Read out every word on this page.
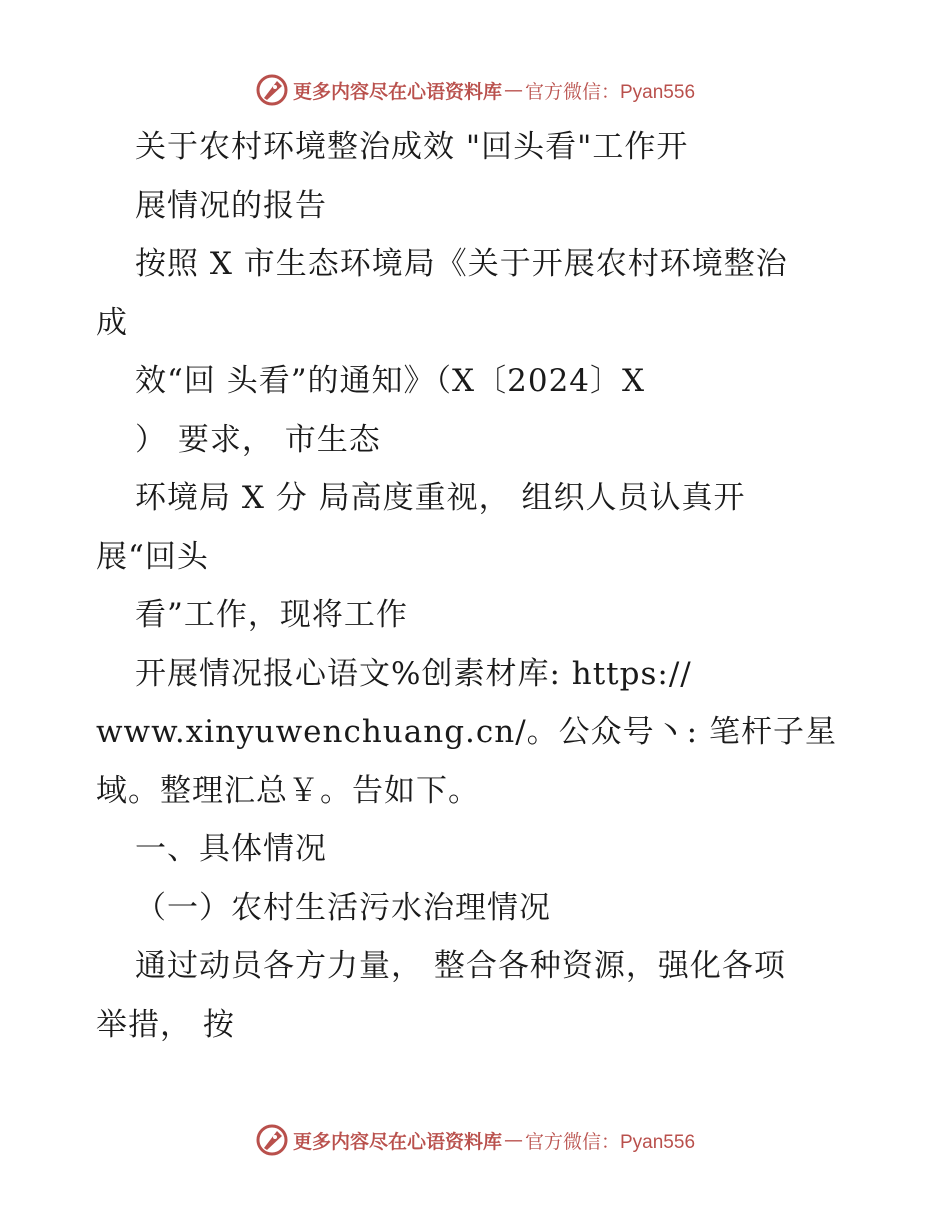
更多内容尽在心语资料库 — 官方微信：Pyan556
关于农村环境整治成效 "回头看"工作开
展情况的报告
按照 X 市生态环境局《关于开展农村环境整治
成
效“回 头看”的通知》（X〔2024〕X
） 要求， 市生态
环境局 X 分 局高度重视， 组织人员认真开
展“回头
看”工作，现将工作
开展情况报心语文%创素材库: https://
www.xinyuwenchuang.cn/。公众号丶: 笔杆子星
域。整理汇总￥。告如下。
一、具体情况
（一）农村生活污水治理情况
通过动员各方力量， 整合各种资源，强化各项
举措， 按
更多内容尽在心语资料库 — 官方微信：Pyan556
